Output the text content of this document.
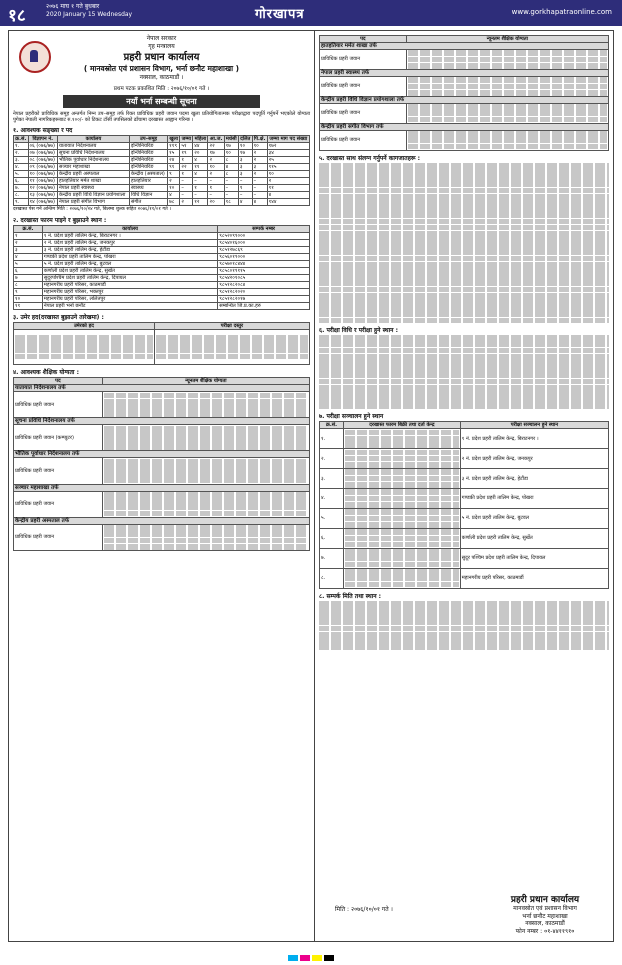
१८	२०७६ माघ १ गते बुधबार
2020 January 15 Wednesday	गोरखापत्र	www.gorkhapatraonline.com
नेपाल सरकार
गृह मन्त्रालय
प्रहरी प्रधान कार्यालय
( मानवस्रोत एवं प्रशासन विभाग, भर्ना छनौट महाशाखा )
नक्साल, काठमाडौं ।
प्रथम पटक प्रकाशित मिति : २०७६/१०/०१ गते ।
नयाँ भर्ना सम्बन्धी सूचना
नेपाल प्रहरीको प्राविधिक समूह अन्तर्गत निम्न उप–समूह तर्फ रिक्त प्राविधिक प्रहरी जवान पदमा खुला प्रतियोगितात्मक परीक्षाद्वारा पदपूर्ति गर्नुपर्ने भएकोले योग्यता पुगेका नेपाली नागरिकहरूबाट रु.१००/- को टिकट टाँसी तपसिलको ढाँचामा दरखास्त आह्वान गरिन्छ ।
१. आवश्यक सङ्ख्या र पद
क्र.सं.	विज्ञापन नं.	कार्यालय	उप–समूह	खुला	जम्मा	महिला	आ.ज.	मधेसी	दलित	पि.क्षे.	जम्मा माग पद संख्या
१.	०६ (०७६/७७)	यातायात निर्देशनालय	इन्जिनियरिङ	११९	५१	४४	२२	१७	१०	१०	१७२
२.	०७ (०७६/७७)	सूचना प्रविधि निर्देशनालय	इन्जिनियरिङ	१५	१९	२०	१७	१०	१७	२	३४
३.	०८ (०७६/७७)	भौतिक पूर्वाधार निर्देशनालय	इन्जिनियरिङ	२४	१	४	२	८	३	२	२५
४.	०९ (०७६/७७)	सञ्चार महाशाखा	इन्जिनियरिङ	९१	२२	११	१०	४	३	३	११५
५.	१० (०७६/७७)	केन्द्रीय प्रहरी अस्पताल	केन्द्रीय (अस्पताल)	९	१	४	२	८	३	२	१०
६.	११ (०७६/७७)	हातहतियार मर्मत शाखा	हातहतियार	२	–	–	–	–	–	–	२
७.	१२ (०७६/७७)	नेपाल प्रहरी स्वास्थ्य	स्वास्थ्य	१०	–	१	१	–	१	–	११
८.	१३ (०७६/७७)	केन्द्रीय प्रहरी विधि विज्ञान प्रयोगशाला	विधि विज्ञान	४	–	–	–	–	–	–	४
९.	१४ (०७६/७७)	नेपाल प्रहरी संगीत विभाग	संगीत	७८	२	१२	२०	१८	४	४	१४४
दरखास्त पेस गर्ने अन्तिम मिति : २०७६/१०/२४ गते, बिलम्ब शुल्क सहित २०७६/११/०१ गते ।
२. दरखास्त फारम पाइने र बुझाउने स्थान :
क्र.सं.	कार्यालय	सम्पर्क नम्बर
१	१ नं. प्रदेश प्रहरी तालिम केन्द्र, बिराटनगर ।	९८५२०९९०००
२	२ नं. प्रदेश प्रहरी तालिम केन्द्र, जनकपुर	९८५४०१६०००
३	३ नं. प्रदेश प्रहरी तालिम केन्द्र, हेटौंडा	९८५१२७८६९
४	गण्डकी प्रदेश प्रहरी तालिम केन्द्र, पोखरा	९८५६०१९०००
५	५ नं. प्रदेश प्रहरी तालिम केन्द्र, बुटवल	९८५७०१८४४४
६	कर्णाली प्रदेश प्रहरी तालिम केन्द्र, सुर्खेत	९८५८०१९११५
७	सुदूरपश्चिम प्रदेश प्रहरी तालिम केन्द्र, दिपायल	९८५४२०१०८५
८	महानगरीय प्रहरी परिसर, काठमाडौं	९८५१२८२०८४
९	महानगरीय प्रहरी परिसर, भक्तपुर	९८५१२८२०२०
१०	महानगरीय प्रहरी परिसर, ललितपुर	९८५१२८२०१७
११	नेपाल प्रहरी भर्ना छनौट	सम्बन्धित जि.प्र.का.हरु
३. उमेर हद(दरखास्त बुझाउने तारेखमा) :
उमेरको हद	परीक्षा दस्तुर

४. आवश्यक शैक्षिक योग्यता :
पद	न्यूनतम शैक्षिक योग्यता
यातायात निर्देशनालय तर्फ	
प्राविधिक प्रहरी जवान	

सूचना प्रविधि निर्देशनालय तर्फ	
प्राविधिक प्रहरी जवान (कम्प्युटर)	

भौतिक पूर्वाधार निर्देशनालय तर्फ	
प्राविधिक प्रहरी जवान	

सञ्चार महाशाखा तर्फ	
प्राविधिक प्रहरी जवान	

केन्द्रीय प्रहरी अस्पताल तर्फ	
प्राविधिक प्रहरी जवान	
पद	न्यूनतम शैक्षिक योग्यता
हातहतियार मर्मत शाखा तर्फ	
प्राविधिक प्रहरी जवान	

नेपाल प्रहरी स्वास्थ्य तर्फ	
प्राविधिक प्रहरी जवान	

केन्द्रीय प्रहरी विधि विज्ञान प्रयोगशाला तर्फ	
प्राविधिक प्रहरी जवान	

केन्द्रीय प्रहरी संगीत विभाग तर्फ	
प्राविधिक प्रहरी जवान	
५. दरखास्त साथ संलग्न गर्नुपर्ने कागजातहरू :
६. परीक्षा विधि र परीक्षा हुने स्थान :
७. परीक्षा सञ्चालन हुने स्थान
क्र.सं.	दरखास्त फारम बिक्री तथा दर्ता केन्द्र	परीक्षा सञ्चालन हुने स्थान
१.		१ नं. प्रदेश प्रहरी तालिम केन्द्र, बिराटनगर ।
२.		२ नं. प्रदेश प्रहरी तालिम केन्द्र, जनकपुर
३.		३ नं. प्रदेश प्रहरी तालिम केन्द्र, हेटौंडा
४.		गण्डकी प्रदेश प्रहरी तालिम केन्द्र, पोखरा
५.		५ नं. प्रदेश प्रहरी तालिम केन्द्र, बुटवल
६.		कर्णाली प्रदेश प्रहरी तालिम केन्द्र, सुर्खेत
७.		सुदूर पश्चिम प्रदेश प्रहरी तालिम केन्द्र, दिपायल
८.		महानगरीय प्रहरी परिसर, काठमाडौं
८. सम्पर्क मिति तथा स्थान :
मिति : २०७६/१०/०१ गते ।
प्रहरी प्रधान कार्यालय
मानवस्रोत एवं प्रशासन विभाग
भर्ना छनौट महाशाखा
नक्साल, काठमाडौं
फोन नम्बर : ०१-४४११९१०
